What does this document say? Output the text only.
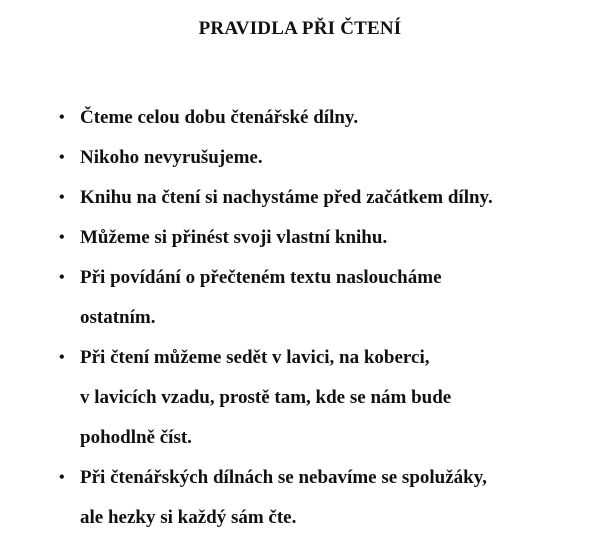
PRAVIDLA PŘI ČTENÍ
• Čteme celou dobu čtenářské dílny.
• Nikoho nevyrušujeme.
• Knihu na čtení si nachystáme před začátkem dílny.
• Můžeme si přinést svoji vlastní knihu.
• Při povídání o přečteném textu nasloucháme
ostatním.
• Při čtení můžeme sedět v lavici, na koberci,
v lavicích vzadu, prostě tam, kde se nám bude
pohodlně číst.
• Při čtenářských dílnách se nebavíme se spolužáky,
ale hezky si každý sám čte.
